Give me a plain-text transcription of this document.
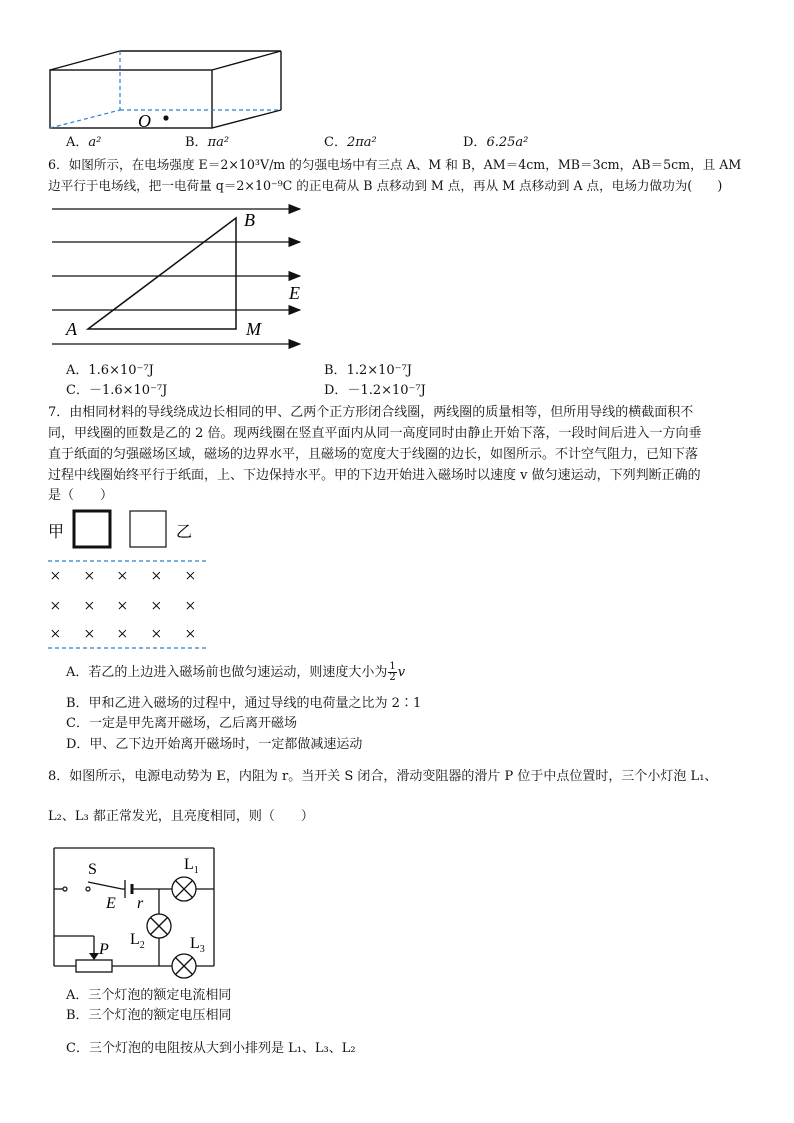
O
A．a²	B．πa²	C．2πa²	D．6.25a²
6．如图所示，在电场强度 E＝2×10³V/m 的匀强电场中有三点 A、M 和 B，AM＝4cm，MB＝3cm，AB＝5cm，且 AM
边平行于电场线，把一电荷量 q＝2×10⁻⁹C 的正电荷从 B 点移动到 M 点，再从 M 点移动到 A 点，电场力做功为(　　)
A
B
M
E
A．1.6×10⁻⁷J	B．1.2×10⁻⁷J
C．－1.6×10⁻⁷J	D．－1.2×10⁻⁷J
7．由相同材料的导线绕成边长相同的甲、乙两个正方形闭合线圈，两线圈的质量相等，但所用导线的横截面积不
同，甲线圈的匝数是乙的 2 倍。现两线圈在竖直平面内从同一高度同时由静止开始下落，一段时间后进入一方向垂
直于纸面的匀强磁场区域，磁场的边界水平，且磁场的宽度大于线圈的边长，如图所示。不计空气阻力，已知下落
过程中线圈始终平行于纸面，上、下边保持水平。甲的下边开始进入磁场时以速度 v 做匀速运动，下列判断正确的
是（　　）
甲	乙
× × × × ×
× × × × ×
× × × × ×
A．若乙的上边进入磁场前也做匀速运动，则速度大小为 $\frac{1}{2}$ v
B．甲和乙进入磁场的过程中，通过导线的电荷量之比为 2∶1
C．一定是甲先离开磁场，乙后离开磁场
D．甲、乙下边开始离开磁场时，一定都做减速运动
8．如图所示，电源电动势为 E，内阻为 r。当开关 S 闭合，滑动变阻器的滑片 P 位于中点位置时，三个小灯泡 L₁、
L₂、L₃ 都正常发光，且亮度相同，则（　　）
S
E r
P
$L_1$
$L_2$	$L_3$
A．三个灯泡的额定电流相同
B．三个灯泡的额定电压相同
C．三个灯泡的电阻按从大到小排列是 L₁、L₃、L₂
